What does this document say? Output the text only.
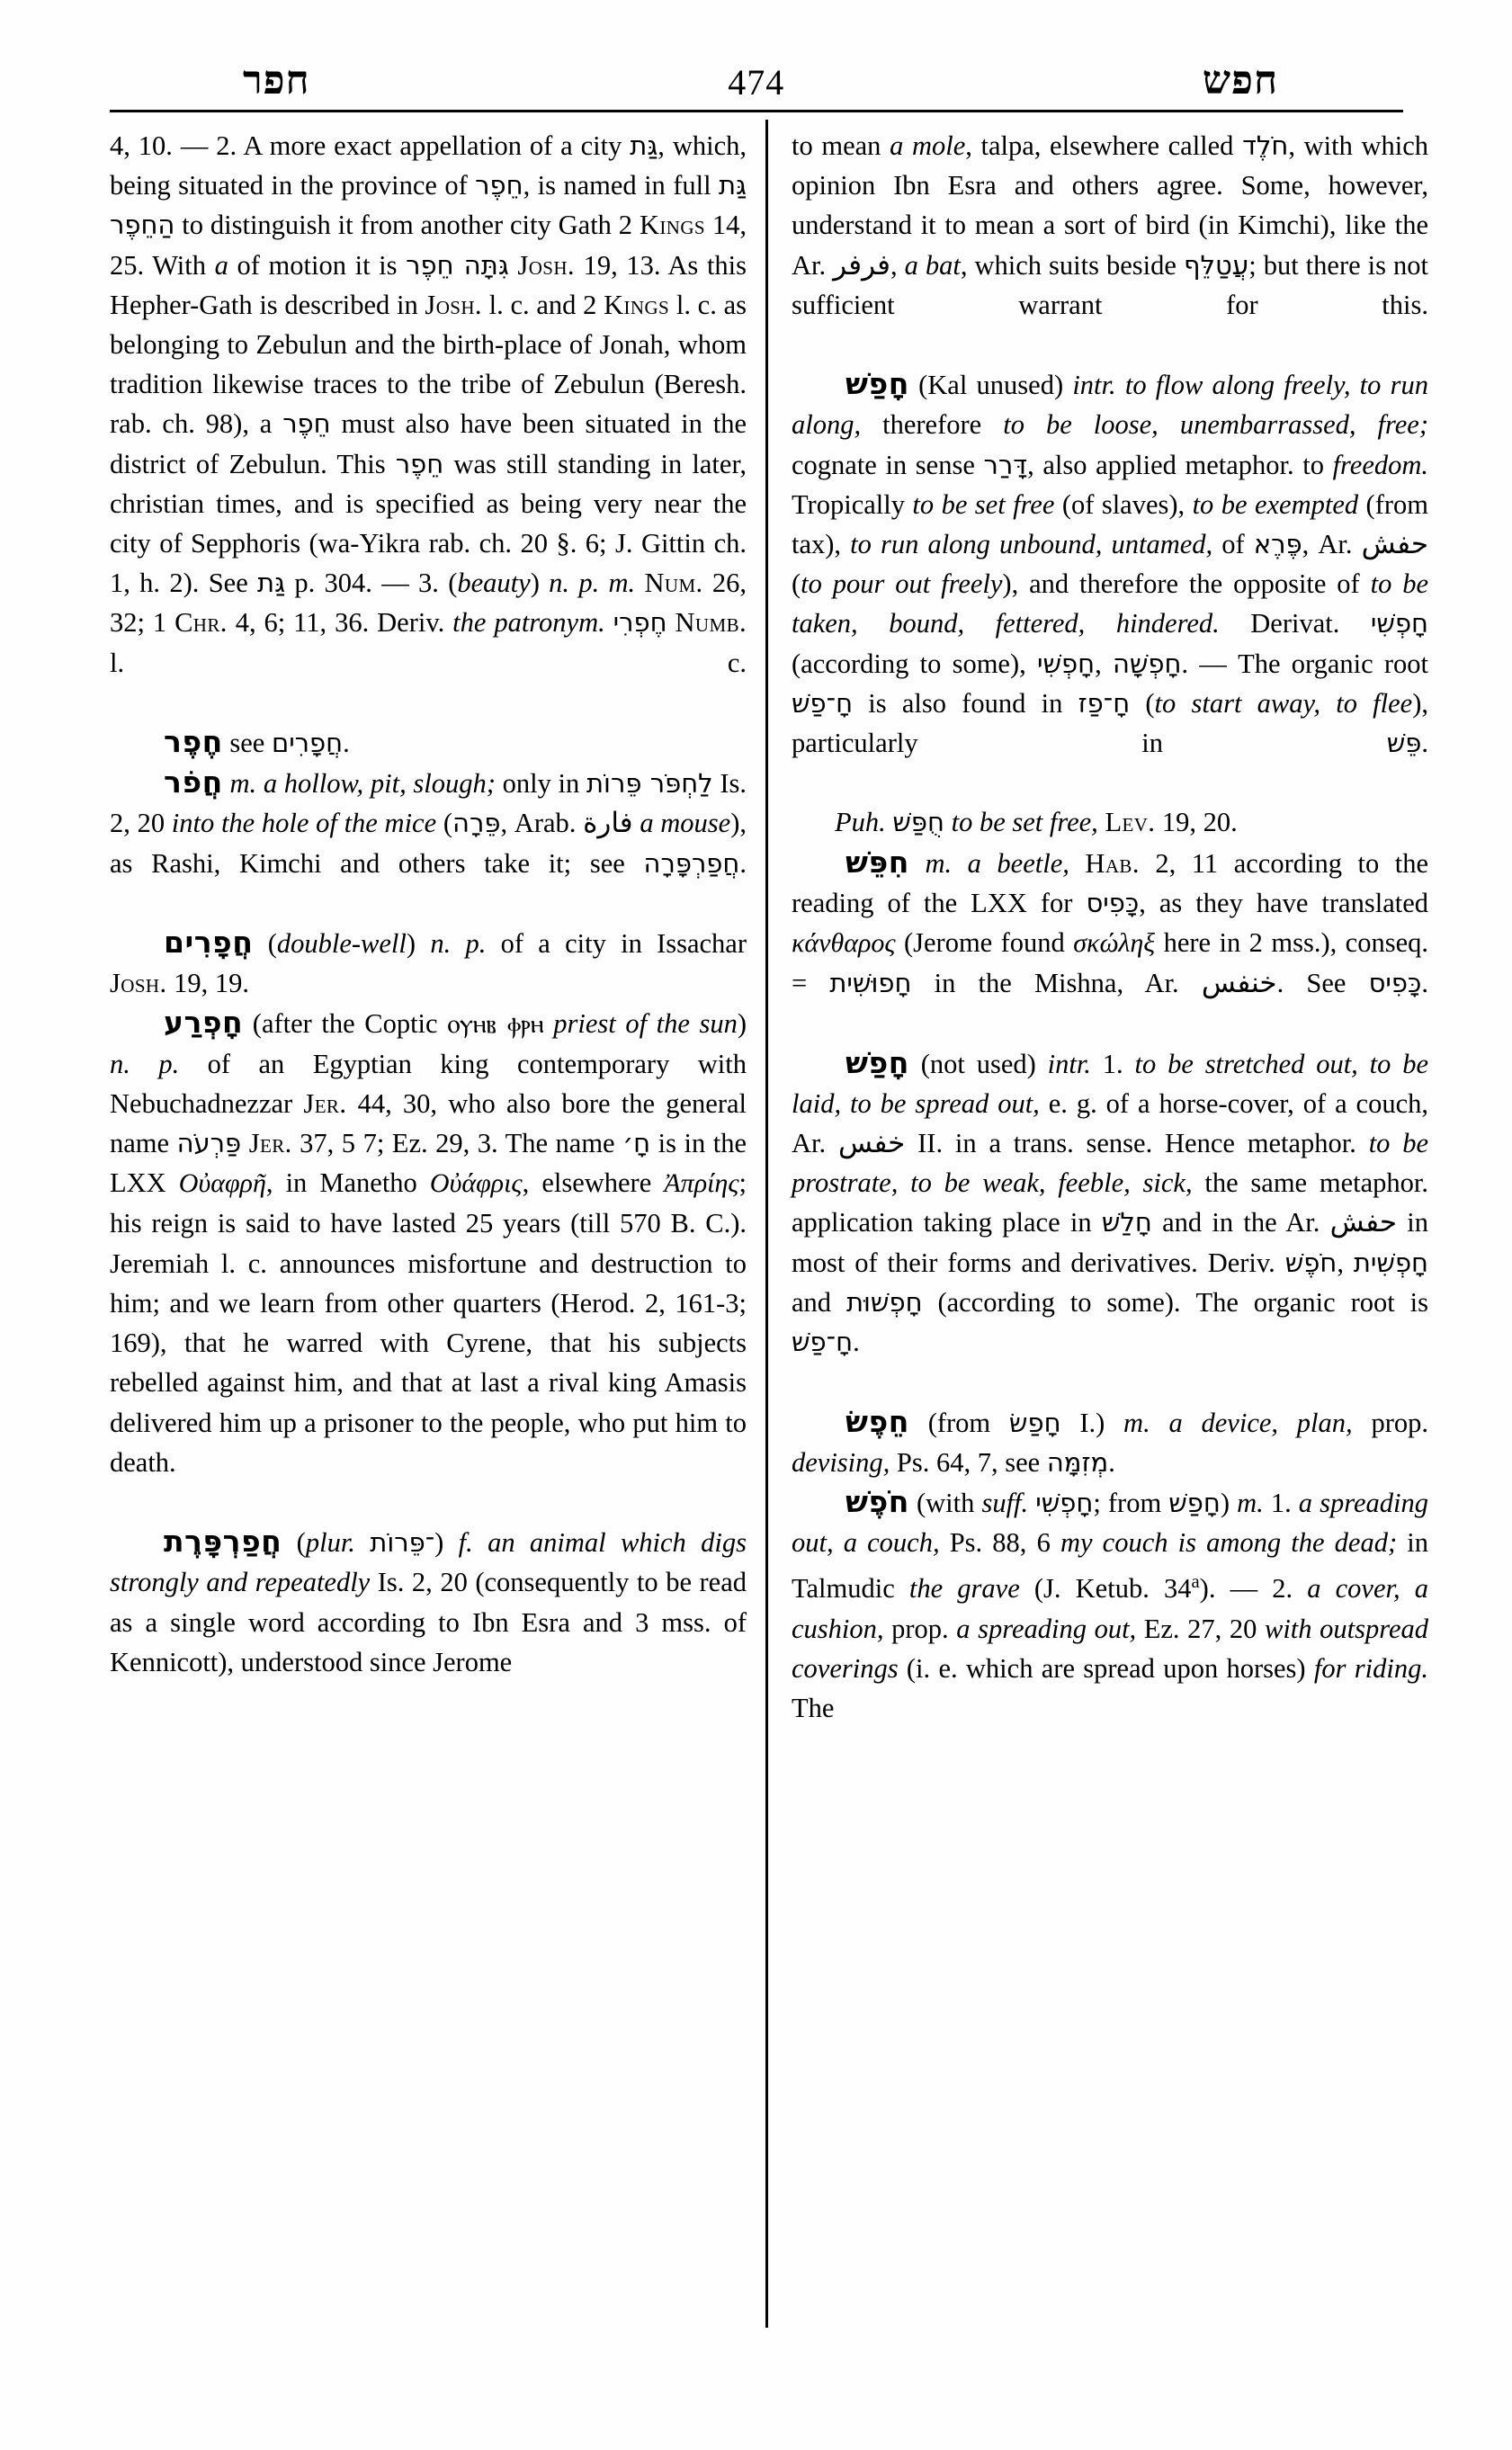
חפר	474	חפש

4, 10. — 2. A more exact appellation of a city גַּת, which, being situated in the province of חֵפֶר, is named in full גַּת הַחֵפֶר to distinguish it from another city Gath 2 Kings 14, 25. With a of motion it is גִּתָּה חֵפֶר Josh. 19, 13. As this Hepher-Gath is described in Josh. l. c. and 2 Kings l. c. as belonging to Zebulun and the birth-place of Jonah, whom tradition likewise traces to the tribe of Zebulun (Beresh. rab. ch. 98), a חֵפֶר must also have been situated in the district of Zebulun. This חֵפֶר was still standing in later, christian times, and is specified as being very near the city of Sepphoris (wa-Yikra rab. ch. 20 §. 6; J. Gittin ch. 1, h. 2). See גַּת p. 304. — 3. (beauty) n. p. m. Num. 26, 32; 1 Chr. 4, 6; 11, 36. Deriv. the patronym. חֶפְרִי Numb. l. c.

חֶפֶר see חֲפָרִים.

חֲפֹר m. a hollow, pit, slough; only in לַחְפֹּר פֵּרוֹת Is. 2, 20 into the hole of the mice (פֵּרָה, Arab. فارة a mouse), as Rashi, Kimchi and others take it; see חֲפַרְפָּרָה.

חֲפָרִים (double-well) n. p. of a city in Issachar Josh. 19, 19.

חָפְרַע (after the Coptic ⲟⲩⲏⲃ ⲫⲣⲏ priest of the sun) n. p. of an Egyptian king contemporary with Nebuchadnezzar Jer. 44, 30, who also bore the general name פַּרְעֹה Jer. 37, 5 7; Ez. 29, 3. The name חָ׳ is in the LXX Οὐαφρῆ, in Manetho Οὐάφρις, elsewhere Ἀπρίης; his reign is said to have lasted 25 years (till 570 B. C.). Jeremiah l. c. announces misfortune and destruction to him; and we learn from other quarters (Herod. 2, 161-3; 169), that he warred with Cyrene, that his subjects rebelled against him, and that at last a rival king Amasis delivered him up a prisoner to the people, who put him to death.

חֲפַרְפָּרֶת (plur. ־פֵּרוֹת) f. an animal which digs strongly and repeatedly Is. 2, 20 (consequently to be read as a single word according to Ibn Esra and 3 mss. of Kennicott), understood since Jerome

to mean a mole, talpa, elsewhere called חֹלֶד, with which opinion Ibn Esra and others agree. Some, however, understand it to mean a sort of bird (in Kimchi), like the Ar. فرفر, a bat, which suits beside עֲטַלֵּף; but there is not sufficient warrant for this.

חָפַשׁ (Kal unused) intr. to flow along freely, to run along, therefore to be loose, unembarrassed, free; cognate in sense דָּרַר, also applied metaphor. to freedom. Tropically to be set free (of slaves), to be exempted (from tax), to run along unbound, untamed, of פֶּרֶא, Ar. حفش (to pour out freely), and therefore the opposite of to be taken, bound, fettered, hindered. Derivat. חָפְשִׁי (according to some), חָפְשִׁי, חָפְשָׁה. — The organic root חָ־פַשׁ is also found in חָ־פַז (to start away, to flee), particularly in פֵּשׁ.

Puh. חֻפַּשׁ to be set free, Lev. 19, 20.

חִפֵּשׁ m. a beetle, Hab. 2, 11 according to the reading of the LXX for כָּפִיס, as they have translated κάνθαρος (Jerome found σκώληξ here in 2 mss.), conseq. = חָפוּשִׁית in the Mishna, Ar. خنفس. See כָּפִיס.

חָפַשׁ (not used) intr. 1. to be stretched out, to be laid, to be spread out, e. g. of a horse-cover, of a couch, Ar. خفس II. in a trans. sense. Hence metaphor. to be prostrate, to be weak, feeble, sick, the same metaphor. application taking place in חָלַשׁ and in the Ar. حفش in most of their forms and derivatives. Deriv. חֹפֶשׁ, חָפְשִׁית and חָפְשׁוּת (according to some). The organic root is חָ־פַשׁ.

חֵפֶשׂ (from חָפַשׂ I.) m. a device, plan, prop. devising, Ps. 64, 7, see מְזִמָּה.

חֹפֶשׁ (with suff. חָפְשִׁי; from חָפַשׁ) m. 1. a spreading out, a couch, Ps. 88, 6 my couch is among the dead; in Talmudic the grave (J. Ketub. 34$^a$). — 2. a cover, a cushion, prop. a spreading out, Ez. 27, 20 with outspread coverings (i. e. which are spread upon horses) for riding. The
